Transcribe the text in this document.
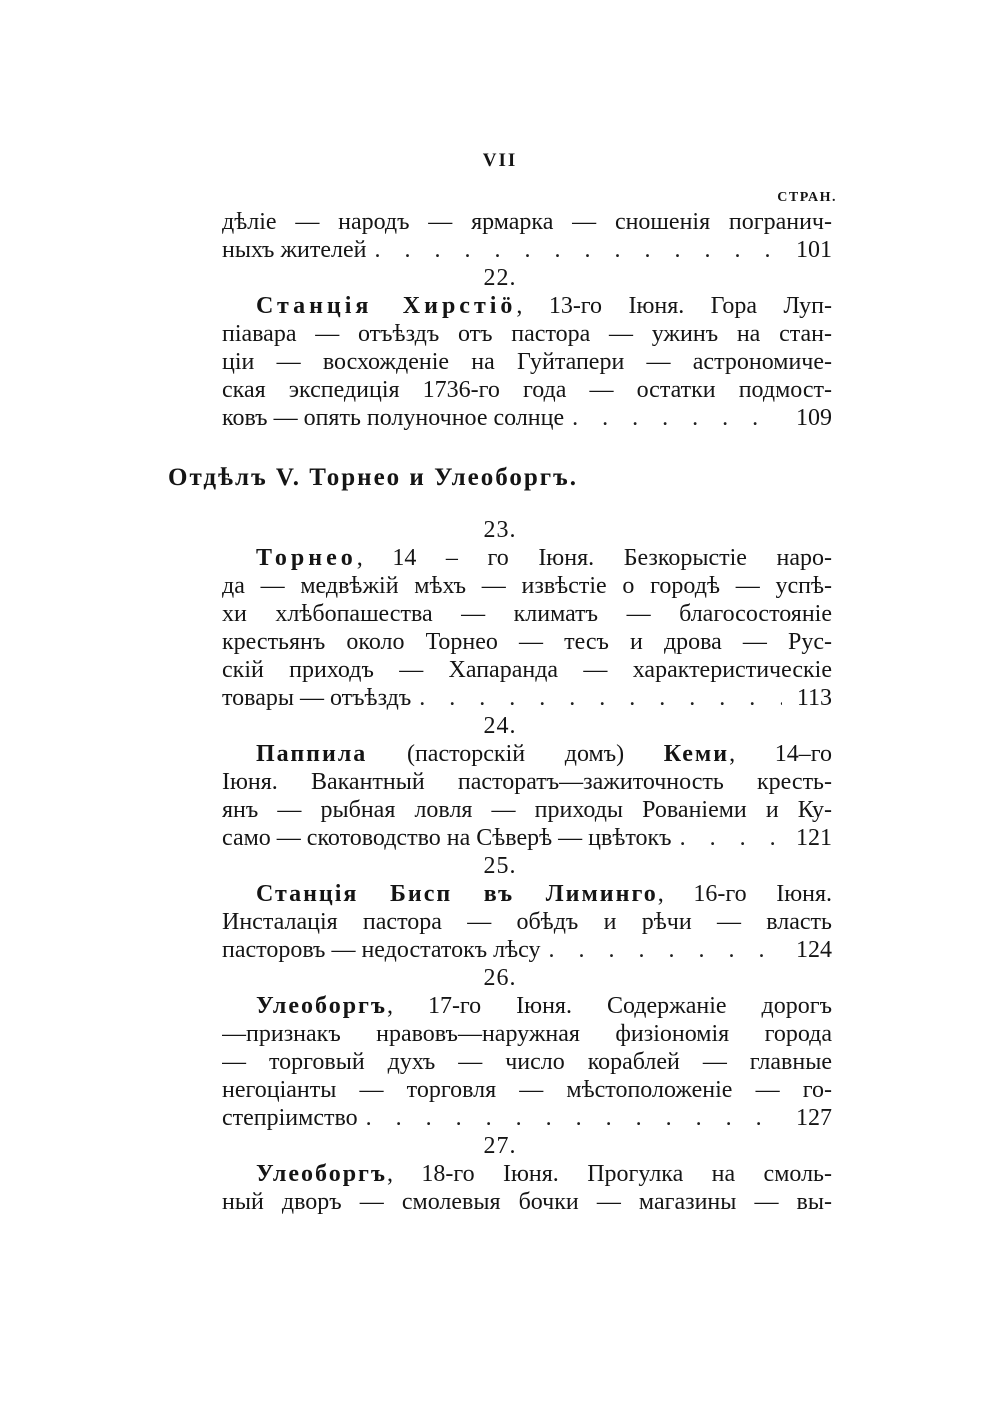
VII
СТРАН.
дѣліе — народъ — ярмарка — сношенія погранич-
ныхъ жителей . . .	101
22.
Станція Хирстіö, 13-го Іюня. Гора Луп-
піавара — отъѣздъ отъ пастора — ужинъ на стан-
ціи — восхожденіе на Гуйтапери — астрономиче-
ская экспедиція 1736-го года — остатки подмост-
ковъ — опять полуночное солнце . . .	109
Отдѣлъ V. Торнео и Улеоборгъ.
23.
Торнео, 14 – го Іюня. Безкорыстіе наро-
да — медвѣжій мѣхъ — извѣстіе о городѣ — успѣ-
хи хлѣбопашества — климатъ — благосостояніе
крестьянъ около Торнео — тесъ и дрова — Рус-
скій приходъ — Хапаранда — характеристическіе
товары — отъѣздъ . . .	113
24.
Паппила (пасторскій домъ) Кеми, 14–го
Іюня. Вакантный пасторатъ—зажиточность кресть-
янъ — рыбная ловля — приходы Рованіеми и Ку-
само — скотоводство на Сѣверѣ — цвѣтокъ . . .	121
25.
Станція Бисп въ Лиминго, 16-го Іюня.
Инсталація пастора — обѣдъ и рѣчи — власть
пасторовъ — недостатокъ лѣсу . . .	124
26.
Улеоборгъ, 17-го Іюня. Содержаніе дорогъ
—признакъ нравовъ—наружная физіономія города
— торговый духъ — число кораблей — главные
негоціанты — торговля — мѣстоположеніе — го-
степріимство . . .	127
27.
Улеоборгъ, 18-го Іюня. Прогулка на смоль-
ный дворъ — смолевыя бочки — магазины — вы-
